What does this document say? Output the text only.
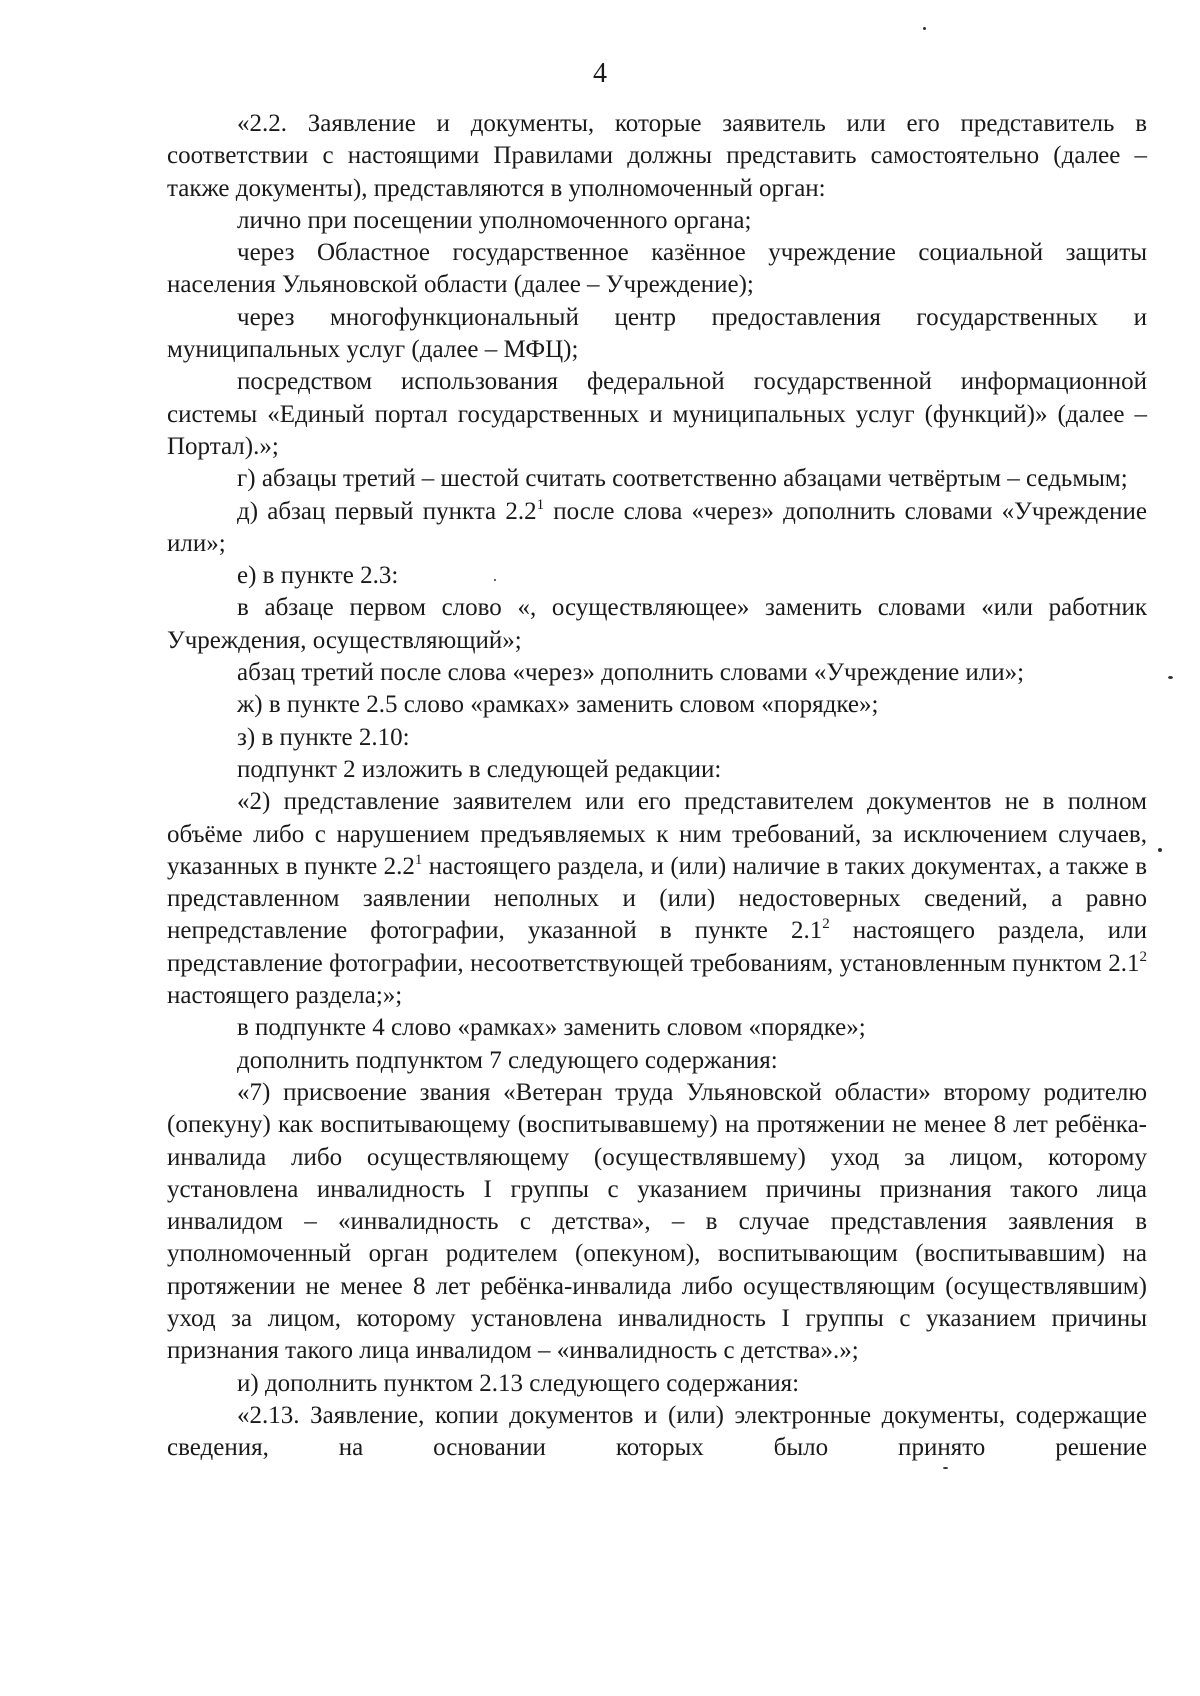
4

«2.2. Заявление и документы, которые заявитель или его представитель в соответствии с настоящими Правилами должны представить самостоятельно (далее – также документы), представляются в уполномоченный орган:

лично при посещении уполномоченного органа;

через Областное государственное казённое учреждение социальной защиты населения Ульяновской области (далее – Учреждение);

через многофункциональный центр предоставления государственных и муниципальных услуг (далее – МФЦ);

посредством использования федеральной государственной информационной системы «Единый портал государственных и муниципальных услуг (функций)» (далее – Портал).»;

г) абзацы третий – шестой считать соответственно абзацами четвёртым – седьмым;

д) абзац первый пункта $2.2^1$ после слова «через» дополнить словами «Учреждение или»;

е) в пункте 2.3:

в абзаце первом слово «, осуществляющее» заменить словами «или работник Учреждения, осуществляющий»;

абзац третий после слова «через» дополнить словами «Учреждение или»;

ж) в пункте 2.5 слово «рамках» заменить словом «порядке»;

з) в пункте 2.10:

подпункт 2 изложить в следующей редакции:

«2) представление заявителем или его представителем документов не в полном объёме либо с нарушением предъявляемых к ним требований, за исключением случаев, указанных в пункте $2.2^1$ настоящего раздела, и (или) наличие в таких документах, а также в представленном заявлении неполных и (или) недостоверных сведений, а равно непредставление фотографии, указанной в пункте $2.1^2$ настоящего раздела, или представление фотографии, несоответствующей требованиям, установленным пунктом $2.1^2$ настоящего раздела;»;

в подпункте 4 слово «рамках» заменить словом «порядке»;

дополнить подпунктом 7 следующего содержания:

«7) присвоение звания «Ветеран труда Ульяновской области» второму родителю (опекуну) как воспитывающему (воспитывавшему) на протяжении не менее 8 лет ребёнка-инвалида либо осуществляющему (осуществлявшему) уход за лицом, которому установлена инвалидность I группы с указанием причины признания такого лица инвалидом – «инвалидность с детства», – в случае представления заявления в уполномоченный орган родителем (опекуном), воспитывающим (воспитывавшим) на протяжении не менее 8 лет ребёнка-инвалида либо осуществляющим (осуществлявшим) уход за лицом, которому установлена инвалидность I группы с указанием причины признания такого лица инвалидом – «инвалидность с детства».»;

и) дополнить пунктом 2.13 следующего содержания:

«2.13. Заявление, копии документов и (или) электронные документы, содержащие сведения, на основании которых было принято решение
